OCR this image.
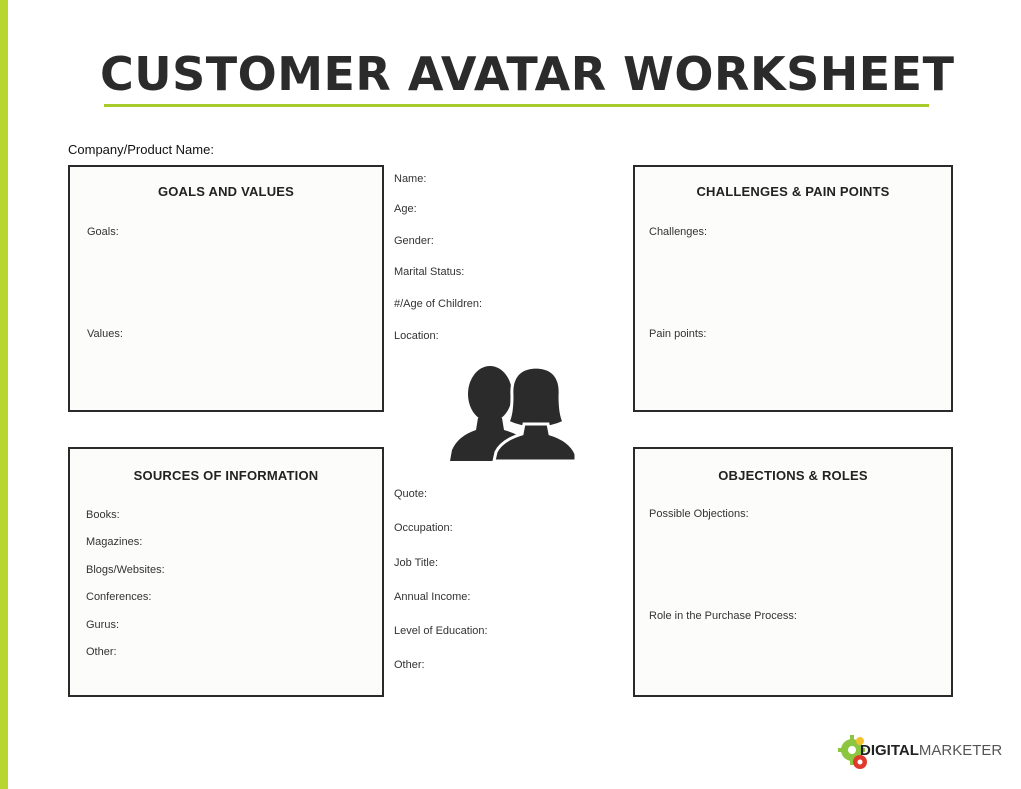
CUSTOMER AVATAR WORKSHEET
Company/Product Name:
GOALS AND VALUES
Goals:
Values:
CHALLENGES & PAIN POINTS
Challenges:
Pain points:
SOURCES OF INFORMATION
Books:
Magazines:
Blogs/Websites:
Conferences:
Gurus:
Other:
OBJECTIONS & ROLES
Possible Objections:
Role in the Purchase Process:
Name:
Age:
Gender:
Marital Status:
#/Age of Children:
Location:
Quote:
Occupation:
Job Title:
Annual Income:
Level of Education:
Other:
DIGITALMARKETER
